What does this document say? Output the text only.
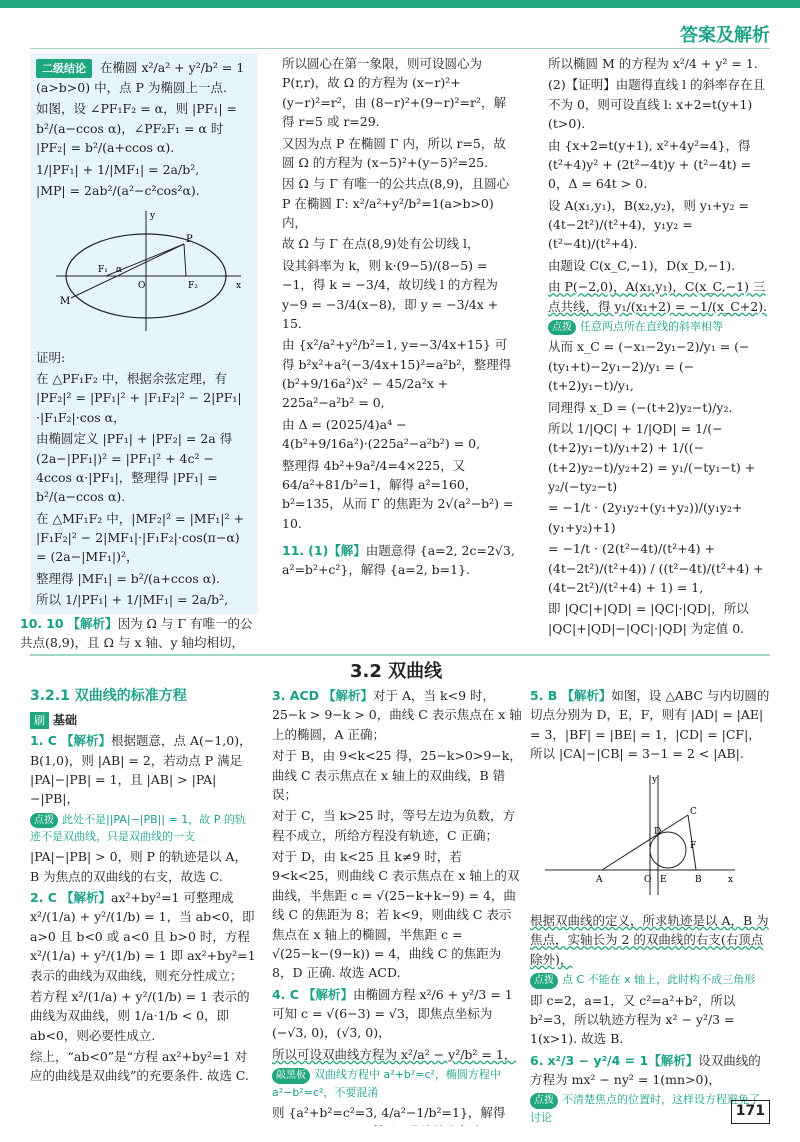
答案及解析

二级结论 在椭圆 x²/a² + y²/b² = 1 (a>b>0) 中，点 P 为椭圆上一点.

如图，设 ∠PF₁F₂ = α，则 |PF₁| = b²/(a−ccos α)，∠PF₂F₁ = α 时 |PF₂| = b²/(a+ccos α).

1/|PF₁| + 1/|MF₁| = 2a/b²,

|MP| = 2ab²/(a²−c²cos²α).

P
M
F₁
F₂
O
α
x
y

证明:

在 △PF₁F₂ 中，根据余弦定理，有 |PF₂|² = |PF₁|² + |F₁F₂|² − 2|PF₁|·|F₁F₂|·cos α，

由椭圆定义 |PF₁| + |PF₂| = 2a 得 (2a−|PF₁|)² = |PF₁|² + 4c² − 4ccos α·|PF₁|，整理得 |PF₁| = b²/(a−ccos α).

在 △MF₁F₂ 中，|MF₂|² = |MF₁|² + |F₁F₂|² − 2|MF₁|·|F₁F₂|·cos(π−α) = (2a−|MF₁|)²，

整理得 |MF₁| = b²/(a+ccos α).

所以 1/|PF₁| + 1/|MF₁| = 2a/b²,

10. 10 【解析】因为 Ω 与 Γ 有唯一的公共点(8,9)，且 Ω 与 x 轴、y 轴均相切，

所以圆心在第一象限，则可设圆心为 P(r,r)，故 Ω 的方程为 (x−r)²+(y−r)²=r²，由 (8−r)²+(9−r)²=r²，解得 r=5 或 r=29.

又因为点 P 在椭圆 Γ 内，所以 r=5，故圆 Ω 的方程为 (x−5)²+(y−5)²=25.

因 Ω 与 Γ 有唯一的公共点(8,9)，且圆心 P 在椭圆 Γ: x²/a²+y²/b²=1(a>b>0) 内，

故 Ω 与 Γ 在点(8,9)处有公切线 l，

设其斜率为 k，则 k·(9−5)/(8−5) = −1，得 k = −3/4，故切线 l 的方程为 y−9 = −3/4(x−8)，即 y = −3/4x + 15.

由 {x²/a²+y²/b²=1, y=−3/4x+15} 可得 b²x²+a²(−3/4x+15)²=a²b²，整理得 (b²+9/16a²)x² − 45/2a²x + 225a²−a²b² = 0,

由 Δ = (2025/4)a⁴ − 4(b²+9/16a²)·(225a²−a²b²) = 0,

整理得 4b²+9a²/4=4×225，又 64/a²+81/b²=1，解得 a²=160，b²=135，从而 Γ 的焦距为 2√(a²−b²) = 10.

11. (1)【解】由题意得 {a=2, 2c=2√3, a²=b²+c²}，解得 {a=2, b=1}.

所以椭圆 M 的方程为 x²/4 + y² = 1.

(2)【证明】由题得直线 l 的斜率存在且不为 0，则可设直线 l: x+2=t(y+1)(t>0).

由 {x+2=t(y+1), x²+4y²=4}，得 (t²+4)y² + (2t²−4t)y + (t²−4t) = 0，Δ = 64t > 0.

设 A(x₁,y₁)，B(x₂,y₂)，则 y₁+y₂ = (4t−2t²)/(t²+4)，y₁y₂ = (t²−4t)/(t²+4).

由题设 C(x_C,−1)，D(x_D,−1).

由 P(−2,0)，A(x₁,y₁)，C(x_C,−1) 三点共线，得 y₁/(x₁+2) = −1/(x_C+2).

点拨 任意两点所在直线的斜率相等

从而 x_C = (−x₁−2y₁−2)/y₁ = (−(ty₁+t)−2y₁−2)/y₁ = (−(t+2)y₁−t)/y₁,

同理得 x_D = (−(t+2)y₂−t)/y₂.

所以 1/|QC| + 1/|QD| = 1/(−(t+2)y₁−t)/y₁+2) + 1/((−(t+2)y₂−t)/y₂+2) = y₁/(−ty₁−t) + y₂/(−ty₂−t)

= −1/t · (2y₁y₂+(y₁+y₂))/(y₁y₂+(y₁+y₂)+1)

= −1/t · (2(t²−4t)/(t²+4) + (4t−2t²)/(t²+4)) / ((t²−4t)/(t²+4) + (4t−2t²)/(t²+4) + 1) = 1,

即 |QC|+|QD| = |QC|·|QD|，所以 |QC|+|QD|−|QC|·|QD| 为定值 0.

3.2 双曲线

3.2.1 双曲线的标准方程

刷 基础

1. C 【解析】根据题意，点 A(−1,0)，B(1,0)，则 |AB| = 2，若动点 P 满足 |PA|−|PB| = 1，且 |AB| > |PA|−|PB|，

点拨 此处不是||PA|−|PB|| = 1，故 P 的轨迹不是双曲线，只是双曲线的一支

|PA|−|PB| > 0，则 P 的轨迹是以 A，B 为焦点的双曲线的右支，故选 C.

2. C 【解析】ax²+by²=1 可整理成 x²/(1/a) + y²/(1/b) = 1，当 ab<0，即 a>0 且 b<0 或 a<0 且 b>0 时，方程 x²/(1/a) + y²/(1/b) = 1 即 ax²+by²=1 表示的曲线为双曲线，则充分性成立；

若方程 x²/(1/a) + y²/(1/b) = 1 表示的曲线为双曲线，则 1/a·1/b < 0，即 ab<0，则必要性成立.

综上，“ab<0”是“方程 ax²+by²=1 对应的曲线是双曲线”的充要条件. 故选 C.

3. ACD 【解析】对于 A，当 k<9 时，25−k > 9−k > 0，曲线 C 表示焦点在 x 轴上的椭圆，A 正确；

对于 B，由 9<k<25 得，25−k>0>9−k，曲线 C 表示焦点在 x 轴上的双曲线，B 错误；

对于 C，当 k>25 时，等号左边为负数，方程不成立，所给方程没有轨迹，C 正确；

对于 D，由 k<25 且 k≠9 时，若 9<k<25，则曲线 C 表示焦点在 x 轴上的双曲线，半焦距 c = √(25−k+k−9) = 4，曲线 C 的焦距为 8；若 k<9，则曲线 C 表示焦点在 x 轴上的椭圆，半焦距 c = √(25−k−(9−k)) = 4，曲线 C 的焦距为 8，D 正确. 故选 ACD.

4. C 【解析】由椭圆方程 x²/6 + y²/3 = 1 可知 c = √(6−3) = √3，即焦点坐标为 (−√3, 0)，(√3, 0)，

所以可设双曲线方程为 x²/a² − y²/b² = 1，

敲黑板 双曲线方程中 a²+b²=c²，椭圆方程中 a²−b²=c²，不要混淆

则 {a²+b²=c²=3, 4/a²−1/b²=1}，解得

5. B 【解析】如图，设 △ABC 与内切圆的切点分别为 D，E，F，则有 |AD| = |AE| = 3，|BF| = |BE| = 1，|CD| = |CF|，所以 |CA|−|CB| = 3−1 = 2 < |AB|.

A	O E	B
C
D
F
x
y

根据双曲线的定义，所求轨迹是以 A，B 为焦点，实轴长为 2 的双曲线的右支(右顶点除外)，

点拨 点 C 不能在 x 轴上，此时构不成三角形

即 c=2，a=1，又 c²=a²+b²，所以 b²=3，所以轨迹方程为 x² − y²/3 = 1(x>1). 故选 B.

6. x²/3 − y²/4 = 1【解析】设双曲线的方程为 mx² − ny² = 1(mn>0)，

点拨 不清楚焦点的位置时，这样设方程避免了讨论	171
